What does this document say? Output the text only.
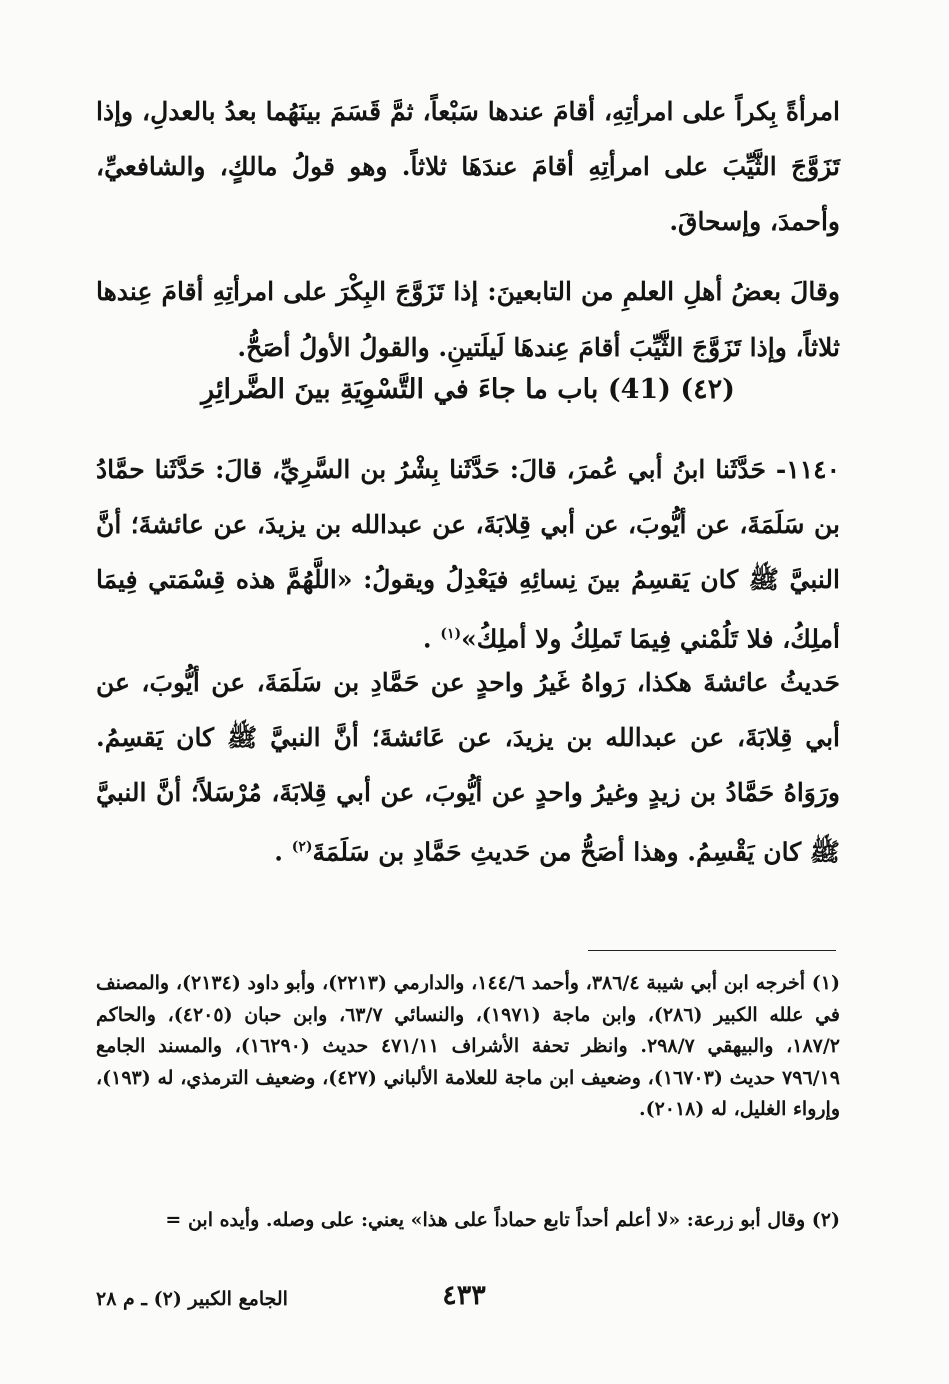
امرأةً بِكراً على امرأتِهِ، أقامَ عندها سَبْعاً، ثمَّ قَسَمَ بينَهُما بعدُ بالعدلِ، وإذا تَزَوَّجَ الثَّيِّبَ على امرأتِهِ أقامَ عندَهَا ثلاثاً. وهو قولُ مالكٍ، والشافعيِّ، وأحمدَ، وإسحاقَ.
وقالَ بعضُ أهلِ العلمِ من التابعينَ: إذا تَزَوَّجَ البِكْرَ على امرأتِهِ أقامَ عِندها ثلاثاً، وإذا تَزَوَّجَ الثَّيِّبَ أقامَ عِندهَا لَيلَتينِ. والقولُ الأولُ أصَحُّ.
(٤٢) (41) باب ما جاءَ في التَّسْوِيَةِ بينَ الضَّرائِرِ
١١٤٠- حَدَّثَنا ابنُ أبي عُمرَ، قالَ: حَدَّثَنا بِشْرُ بن السَّرِيِّ، قالَ: حَدَّثَنا حمَّادُ بن سَلَمَةَ، عن أيُّوبَ، عن أبي قِلابَةَ، عن عبدالله بن يزيدَ، عن عائشةَ؛ أنَّ النبيَّ ﷺ كان يَقسِمُ بينَ نِسائِهِ فيَعْدِلُ ويقولُ: «اللَّهُمَّ هذه قِسْمَتي فِيمَا أملِكُ، فلا تَلُمْني فِيمَا تَملِكُ ولا أملِكُ»$^{(١)}$ .
حَديثُ عائشةَ هكذا، رَواهُ غَيرُ واحدٍ عن حَمَّادِ بن سَلَمَةَ، عن أيُّوبَ، عن أبي قِلابَةَ، عن عبدالله بن يزيدَ، عن عَائشةَ؛ أنَّ النبيَّ ﷺ كان يَقسِمُ. ورَوَاهُ حَمَّادُ بن زيدٍ وغيرُ واحدٍ عن أيُّوبَ، عن أبي قِلابَةَ، مُرْسَلاً؛ أنَّ النبيَّ ﷺ كان يَقْسِمُ. وهذا أصَحُّ من حَديثِ حَمَّادِ بن سَلَمَةَ$^{(٢)}$ .
(١) أخرجه ابن أبي شيبة ٣٨٦/٤، وأحمد ١٤٤/٦، والدارمي (٢٢١٣)، وأبو داود (٢١٣٤)، والمصنف في علله الكبير (٢٨٦)، وابن ماجة (١٩٧١)، والنسائي ٦٣/٧، وابن حبان (٤٢٠٥)، والحاكم ١٨٧/٢، والبيهقي ٢٩٨/٧. وانظر تحفة الأشراف ٤٧١/١١ حديث (١٦٢٩٠)، والمسند الجامع ٧٩٦/١٩ حديث (١٦٧٠٣)، وضعيف ابن ماجة للعلامة الألباني (٤٢٧)، وضعيف الترمذي، له (١٩٣)، وإرواء الغليل، له (٢٠١٨).
(٢) وقال أبو زرعة: «لا أعلم أحداً تابع حماداً على هذا» يعني: على وصله. وأيده ابن =
٤٣٣
الجامع الكبير (٢) ـ م ٢٨
